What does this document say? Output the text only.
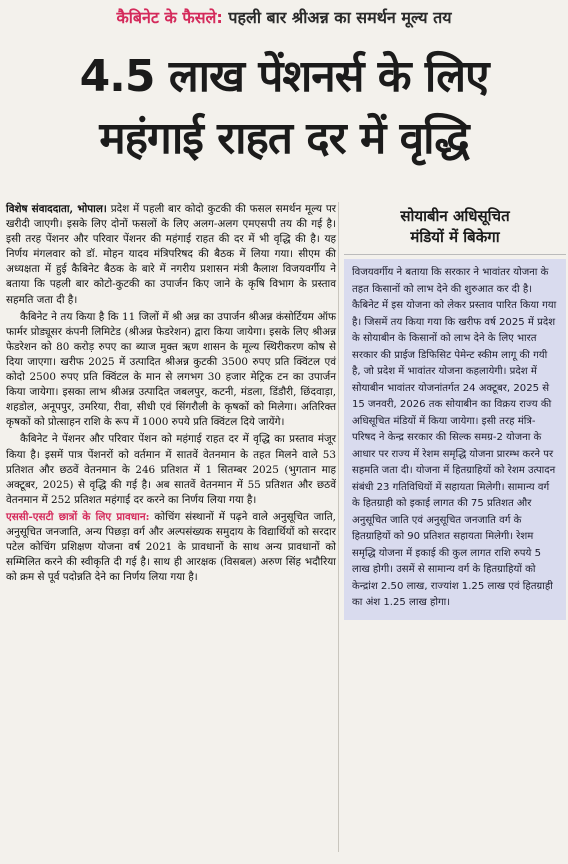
कैबिनेट के फैसले: पहली बार श्रीअन्न का समर्थन मूल्य तय
4.5 लाख पेंशनर्स के लिए
महंगाई राहत दर में वृद्धि

विशेष संवाददाता, भोपाल। प्रदेश में पहली बार कोदो कुटकी की फसल समर्थन मूल्य पर खरीदी जाएगी। इसके लिए दोनों फसलों के लिए अलग-अलग एमएसपी तय की गई है। इसी तरह पेंशनर और परिवार पेंशनर की महंगाई राहत की दर में भी वृद्धि की है। यह निर्णय मंगलवार को डॉ. मोहन यादव मंत्रिपरिषद की बैठक में लिया गया। सीएम की अध्यक्षता में हुई कैबिनेट बैठक के बारे में नगरीय प्रशासन मंत्री कैलाश विजयवर्गीय ने बताया कि पहली बार कोटो-कुटकी का उपार्जन किए जाने के कृषि विभाग के प्रस्ताव सहमति जता दी है।

कैबिनेट ने तय किया है कि 11 जिलों में श्री अन्न का उपार्जन श्रीअन्न कंसोर्टियम ऑफ फार्मर प्रोड्यूसर कंपनी लिमिटेड (श्रीअन्न फेडरेशन) द्वारा किया जायेगा। इसके लिए श्रीअन्न फेडरेशन को 80 करोड़ रुपए का ब्याज मुक्त ऋण शासन के मूल्य स्थिरीकरण कोष से दिया जाएगा। खरीफ 2025 में उत्पादित श्रीअन्न कुटकी 3500 रुपए प्रति क्विंटल एवं कोदो 2500 रुपए प्रति क्विंटल के मान से लगभग 30 हजार मेट्रिक टन का उपार्जन किया जायेगा। इसका लाभ श्रीअन्न उत्पादित जबलपुर, कटनी, मंडला, डिंडौरी, छिंदवाड़ा, शहडोल, अनूपपुर, उमरिया, रीवा, सीधी एवं सिंगरौली के कृषकों को मिलेगा। अतिरिक्त कृषकों को प्रोत्साहन राशि के रूप में 1000 रुपये प्रति क्विंटल दिये जायेंगे।

कैबिनेट ने पेंशनर और परिवार पेंशन को महंगाई राहत दर में वृद्धि का प्रस्ताव मंजूर किया है। इसमें पात्र पेंशनरों को वर्तमान में सातवें वेतनमान के तहत मिलने वाले 53 प्रतिशत और छठवें वेतनमान के 246 प्रतिशत में 1 सितम्बर 2025 (भुगतान माह अक्टूबर, 2025) से वृद्धि की गई है। अब सातवें वेतनमान में 55 प्रतिशत और छठवें वेतनमान में 252 प्रतिशत महंगाई दर करने का निर्णय लिया गया है।

एससी-एसटी छात्रों के लिए प्रावधान: कोचिंग संस्थानों में पढ़ने वाले अनुसूचित जाति, अनुसूचित जनजाति, अन्य पिछड़ा वर्ग और अल्पसंख्यक समुदाय के विद्यार्थियों को सरदार पटेल कोचिंग प्रशिक्षण योजना वर्ष 2021 के प्रावधानों के साथ अन्य प्रावधानों को सम्मिलित करने की स्वीकृति दी गई है। साथ ही आरक्षक (विसबल) अरुण सिंह भदौरिया को क्रम से पूर्व पदोन्नति देने का निर्णय लिया गया है।

सोयाबीन अधिसूचित
मंडियों में बिकेगा
विजयवर्गीय ने बताया कि सरकार ने भावांतर योजना के तहत किसानों को लाभ देने की शुरुआत कर दी है। कैबिनेट में इस योजना को लेकर प्रस्ताव पारित किया गया है। जिसमें तय किया गया कि खरीफ वर्ष 2025 में प्रदेश के सोयाबीन के किसानों को लाभ देने के लिए भारत सरकार की प्राईज डिफिसिट पेमेन्ट स्कीम लागू की गयी है, जो प्रदेश में भावांतर योजना कहलायेगी। प्रदेश में सोयाबीन भावांतर योजनांतर्गत 24 अक्टूबर, 2025 से 15 जनवरी, 2026 तक सोयाबीन का विक्रय राज्य की अधिसूचित मंडियों में किया जायेगा। इसी तरह मंत्रि-परिषद ने केन्द्र सरकार की सिल्क समग्र-2 योजना के आधार पर राज्य में रेशम समृद्धि योजना प्रारम्भ करने पर सहमति जता दी। योजना में हितग्राहियों को रेशम उत्पादन संबंधी 23 गतिविधियों में सहायता मिलेगी। सामान्य वर्ग के हितग्राही को इकाई लागत की 75 प्रतिशत और अनुसूचित जाति एवं अनुसूचित जनजाति वर्ग के हितग्राहियों को 90 प्रतिशत सहायता मिलेगी। रेशम समृद्धि योजना में इकाई की कुल लागत राशि रुपये 5 लाख होगी। उसमें से सामान्य वर्ग के हितग्राहियों को केन्द्रांश 2.50 लाख, राज्यांश 1.25 लाख एवं हितग्राही का अंश 1.25 लाख होगा।
